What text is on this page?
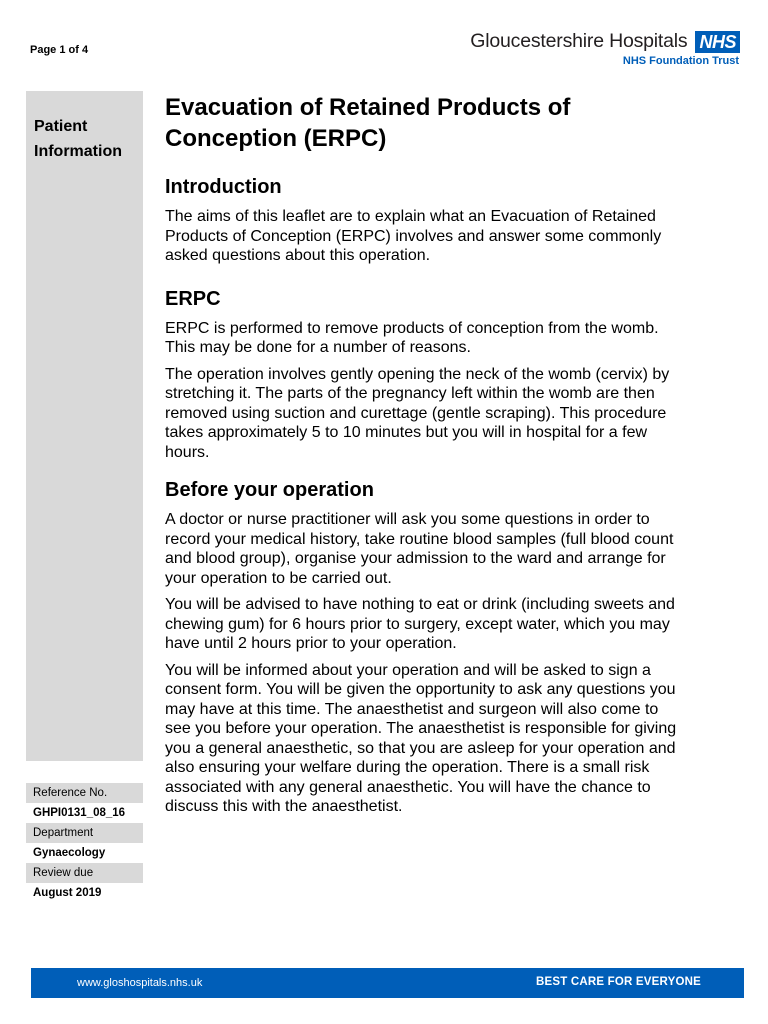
Page 1 of 4	Gloucestershire Hospitals NHS
NHS Foundation Trust
Patient
Information
Reference No.
GHPI0131_08_16
Department
Gynaecology
Review due
August 2019
Evacuation of Retained Products of Conception (ERPC)
Introduction

The aims of this leaflet are to explain what an Evacuation of Retained Products of Conception (ERPC) involves and answer some commonly asked questions about this operation.

ERPC

ERPC is performed to remove products of conception from the womb. This may be done for a number of reasons.

The operation involves gently opening the neck of the womb (cervix) by stretching it. The parts of the pregnancy left within the womb are then removed using suction and curettage (gentle scraping). This procedure takes approximately 5 to 10 minutes but you will in hospital for a few hours.

Before your operation

A doctor or nurse practitioner will ask you some questions in order to record your medical history, take routine blood samples (full blood count and blood group), organise your admission to the ward and arrange for your operation to be carried out.

You will be advised to have nothing to eat or drink (including sweets and chewing gum) for 6 hours prior to surgery, except water, which you may have until 2 hours prior to your operation.

You will be informed about your operation and will be asked to sign a consent form. You will be given the opportunity to ask any questions you may have at this time. The anaesthetist and surgeon will also come to see you before your operation. The anaesthetist is responsible for giving you a general anaesthetic, so that you are asleep for your operation and also ensuring your welfare during the operation. There is a small risk associated with any general anaesthetic. You will have the chance to discuss this with the anaesthetist.

www.gloshospitals.nhs.uk	BEST CARE FOR EVERYONE
